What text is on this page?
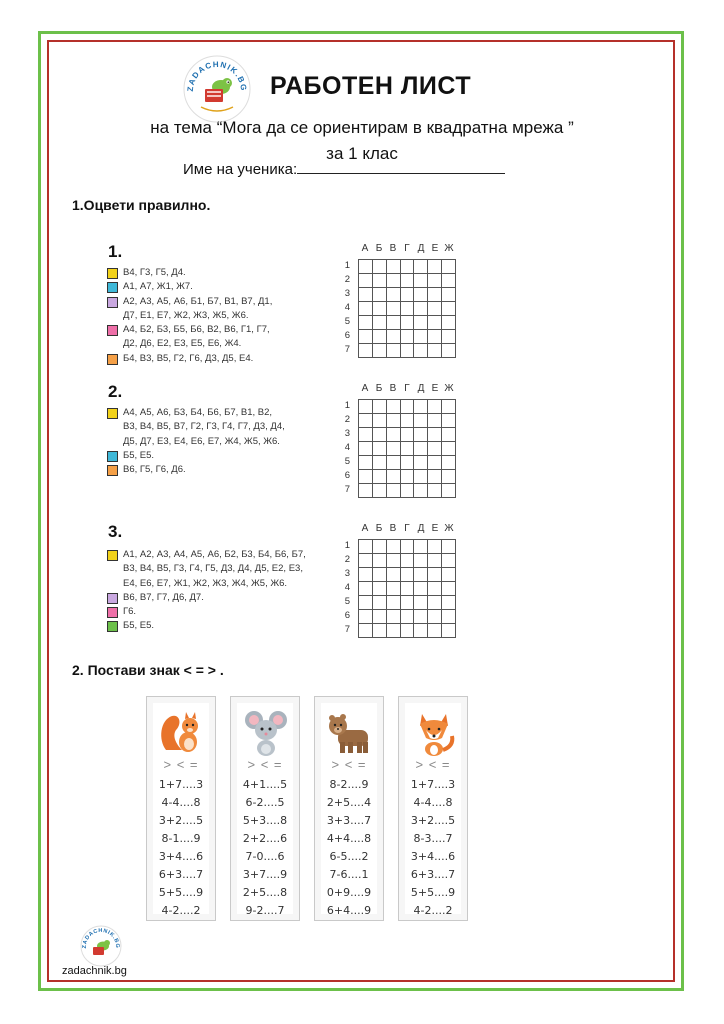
ZADACHNIK.BG РАБОТЕН ЛИСТ
на тема “Мога да се ориентирам в квадратна мрежа ”
за 1 клас
Име на ученика:
1.Оцвети правилно.
1.
В4, Г3, Г5, Д4.
А1, А7, Ж1, Ж7.
А2, А3, А5, А6, Б1, Б7, В1, В7, Д1,
Д7, Е1, Е7, Ж2, Ж3, Ж5, Ж6.
А4, Б2, Б3, Б5, Б6, В2, В6, Г1, Г7,
Д2, Д6, Е2, Е3, Е5, Е6, Ж4.
Б4, В3, В5, Г2, Г6, Д3, Д5, Е4.
А Б В Г Д Е Ж
1
2
3
4
5
6
7

2.
А4, А5, А6, Б3, Б4, Б6, Б7, В1, В2,
В3, В4, В5, В7, Г2, Г3, Г4, Г7, Д3, Д4,
Д5, Д7, Е3, Е4, Е6, Е7, Ж4, Ж5, Ж6.
Б5, Е5.
В6, Г5, Г6, Д6.
А Б В Г Д Е Ж
1
2
3
4
5
6
7

3.
А1, А2, А3, А4, А5, А6, Б2, Б3, Б4, Б6, Б7,
В3, В4, В5, Г3, Г4, Г5, Д3, Д4, Д5, Е2, Е3,
Е4, Е6, Е7, Ж1, Ж2, Ж3, Ж4, Ж5, Ж6.
В6, В7, Г7, Д6, Д7.
Г6.
Б5, Е5.
А Б В Г Д Е Ж
1
2
3
4
5
6
7

2. Постави знак < = > .
> < =
1+7....3
4-4....8
3+2....5
8-1....9
3+4....6
6+3....7
5+5....9
4-2....2
> < =
4+1....5
6-2....5
5+3....8
2+2....6
7-0....6
3+7....9
2+5....8
9-2....7
> < =
8-2....9
2+5....4
3+3....7
4+4....8
6-5....2
7-6....1
0+9....9
6+4....9
> < =
1+7....3
4-4....8
3+2....5
8-3....7
3+4....6
6+3....7
5+5....9
4-2....2
ZADACHNIK.BG
zadachnik.bg
